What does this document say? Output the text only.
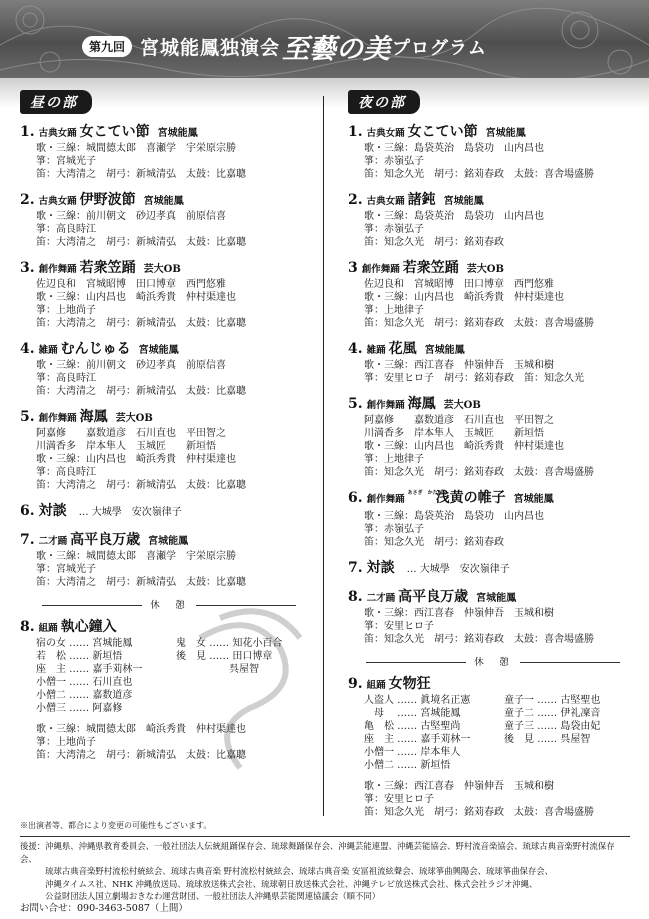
第九回 宮城能鳳独演会 至藝の美 プログラム
昼の部
1. 古典女踊 女こてい節 宮城能鳳
歌・三線：城間德太郎　喜瀬学　宇栄原宗勝
箏：宮城光子
笛：大湾清之　胡弓：新城清弘　太鼓：比嘉聰
2. 古典女踊 伊野波節 宮城能鳳
歌・三線：前川朝文　砂辺孝真　前原信喜
箏：高良時江
笛：大湾清之　胡弓：新城清弘　太鼓：比嘉聰
3. 創作舞踊 若衆笠踊 芸大OB
佐辺良和　宮城昭博　田口博章　西門悠雅
歌・三線：山内昌也　崎浜秀貴　仲村渠達也
箏：上地尚子
笛：大湾清之　胡弓：新城清弘　太鼓：比嘉聰
4. 雑踊 むんじゅる 宮城能鳳
歌・三線：前川朝文　砂辺孝真　前原信喜
箏：高良時江
笛：大湾清之　胡弓：新城清弘　太鼓：比嘉聰
5. 創作舞踊 海鳳 芸大OB
阿嘉修　　嘉数道彦　石川直也　平田智之
川満香多　岸本隼人　玉城匠　　新垣悟
歌・三線：山内昌也　崎浜秀貴　仲村渠達也
箏：高良時江
笛：大湾清之　胡弓：新城清弘　太鼓：比嘉聰
6. 対談 … 大城學　安次嶺律子
7. 二才踊 高平良万歳 宮城能鳳
歌・三線：城間德太郎　喜瀬学　宇栄原宗勝
箏：宮城光子
笛：大湾清之　胡弓：新城清弘　太鼓：比嘉聰
休　憩
8. 組踊 執心鐘入
宿の女 …… 宮城能鳳	鬼　女 …… 知花小百合
若　松 …… 新垣悟	後　見 …… 田口博章
座　主 …… 嘉手苅林一	　　　　　 呉屋智
小僧一 …… 石川直也
小僧二 …… 嘉数道彦
小僧三 …… 阿嘉修
歌・三線：城間德太郎　崎浜秀貴　仲村渠達也
箏：上地尚子
笛：大湾清之　胡弓：新城清弘　太鼓：比嘉聰
夜の部
1. 古典女踊 女こてい節 宮城能鳳
歌・三線：島袋英治　島袋功　山内昌也
箏：赤嶺弘子
笛：知念久光　胡弓：銘苅春政　太鼓：喜舎場盛勝
2. 古典女踊 諸鈍 宮城能鳳
歌・三線：島袋英治　島袋功　山内昌也
箏：赤嶺弘子
笛：知念久光　胡弓：銘苅春政
3 創作舞踊 若衆笠踊 芸大OB
佐辺良和　宮城昭博　田口博章　西門悠雅
歌・三線：山内昌也　崎浜秀貴　仲村渠達也
箏：上地律子
笛：知念久光　胡弓：銘苅春政　太鼓：喜舎場盛勝
4. 雑踊 花風 宮城能鳳
歌・三線：西江喜春　仲嶺伸吾　玉城和樹
箏：安里ヒロ子　胡弓：銘苅春政　笛：知念久光
5. 創作舞踊 海鳳 芸大OB
阿嘉修　　嘉数道彦　石川直也　平田智之
川満香多　岸本隼人　玉城匠　　新垣悟
歌・三線：山内昌也　崎浜秀貴　仲村渠達也
箏：上地律子
笛：知念久光　胡弓：銘苅春政　太鼓：喜舎場盛勝
6. 創作舞踊$^{あさぎ かたびら}$浅黄の帷子 宮城能鳳
歌・三線：島袋英治　島袋功　山内昌也
箏：赤嶺弘子
笛：知念久光　胡弓：銘苅春政
7. 対談 … 大城學　安次嶺律子
8. 二才踊 高平良万歳 宮城能鳳
歌・三線：西江喜春　仲嶺伸吾　玉城和樹
箏：安里ヒロ子
笛：知念久光　胡弓：銘苅春政　太鼓：喜舎場盛勝
休　憩
9. 組踊 女物狂
人盗人 …… 眞境名正憲	童子一 …… 古堅聖也
　母　 …… 宮城能鳳	童子二 …… 伊礼凜音
亀　松 …… 古堅聖尚	童子三 …… 島袋由妃
座　主 …… 嘉手苅林一	後　見 …… 呉屋智
小僧一 …… 岸本隼人
小僧二 …… 新垣悟
歌・三線：西江喜春　仲嶺伸吾　玉城和樹
箏：安里ヒロ子
笛：知念久光　胡弓：銘苅春政　太鼓：喜舎場盛勝
※出演者等、都合により変更の可能性もございます。
後援：沖縄県、沖縄県教育委員会、一般社団法人伝統組踊保存会、琉球舞踊保存会、沖縄芸能連盟、沖縄芸能協会、野村流音楽協会、琉球古典音楽野村流保存会、
　　　琉球古典音楽野村流松村統絃会、琉球古典音楽 野村流松村統絃会、琉球古典音楽 安冨祖流絃聲会、琉球箏曲興陽会、琉球箏曲保存会、
　　　沖縄タイムス社、NHK 沖縄放送局、琉球放送株式会社、琉球朝日放送株式会社、沖縄テレビ放送株式会社、株式会社ラジオ沖縄、
　　　公益財団法人国立劇場おきなわ運営財団、一般社団法人沖縄県芸能関連協議会（順不同）
お問い合せ：090-3463-5087（上間）
